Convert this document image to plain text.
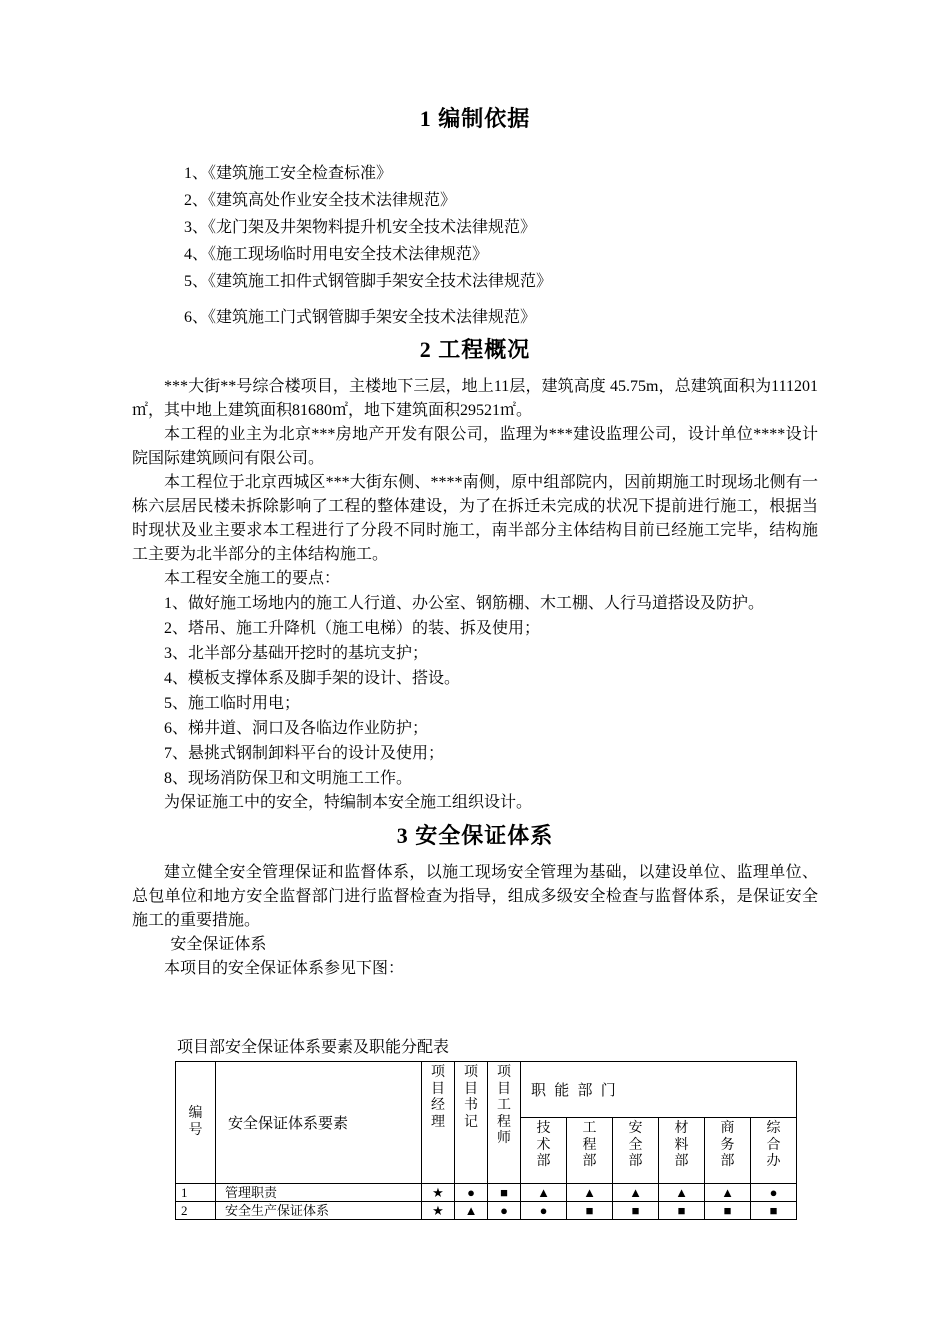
1 编制依据

1、《建筑施工安全检查标准》

2、《建筑高处作业安全技术法律规范》

3、《龙门架及井架物料提升机安全技术法律规范》

4、《施工现场临时用电安全技术法律规范》

5、《建筑施工扣件式钢管脚手架安全技术法律规范》

6、《建筑施工门式钢管脚手架安全技术法律规范》

2 工程概况

***大街**号综合楼项目，主楼地下三层，地上11层，建筑高度 45.75m，总建筑面积为111201㎡，其中地上建筑面积81680㎡，地下建筑面积29521㎡。

本工程的业主为北京***房地产开发有限公司，监理为***建设监理公司，设计单位****设计院国际建筑顾问有限公司。

本工程位于北京西城区***大街东侧、****南侧，原中组部院内，因前期施工时现场北侧有一栋六层居民楼未拆除影响了工程的整体建设，为了在拆迁未完成的状况下提前进行施工，根据当时现状及业主要求本工程进行了分段不同时施工，南半部分主体结构目前已经施工完毕，结构施工主要为北半部分的主体结构施工。

本工程安全施工的要点：

1、做好施工场地内的施工人行道、办公室、钢筋棚、木工棚、人行马道搭设及防护。

2、塔吊、施工升降机（施工电梯）的装、拆及使用；

3、北半部分基础开挖时的基坑支护；

4、模板支撑体系及脚手架的设计、搭设。

5、施工临时用电；

6、梯井道、洞口及各临边作业防护；

7、悬挑式钢制卸料平台的设计及使用；

8、现场消防保卫和文明施工工作。

为保证施工中的安全，特编制本安全施工组织设计。

3 安全保证体系

建立健全安全管理保证和监督体系，以施工现场安全管理为基础，以建设单位、监理单位、总包单位和地方安全监督部门进行监督检查为指导，组成多级安全检查与监督体系，是保证安全施工的重要措施。

安全保证体系

本项目的安全保证体系参见下图：

项目部安全保证体系要素及职能分配表

编号	安全保证体系要素	项目经理	项目书记	项目工程师	职能部门					

					技术部	工程部	安全部	材料部	商务部	综合办

1	管理职责	★	●	■	▲	▲	▲	▲	▲	●
2	安全生产保证体系	★	▲	●	●	■	■	■	■	■
